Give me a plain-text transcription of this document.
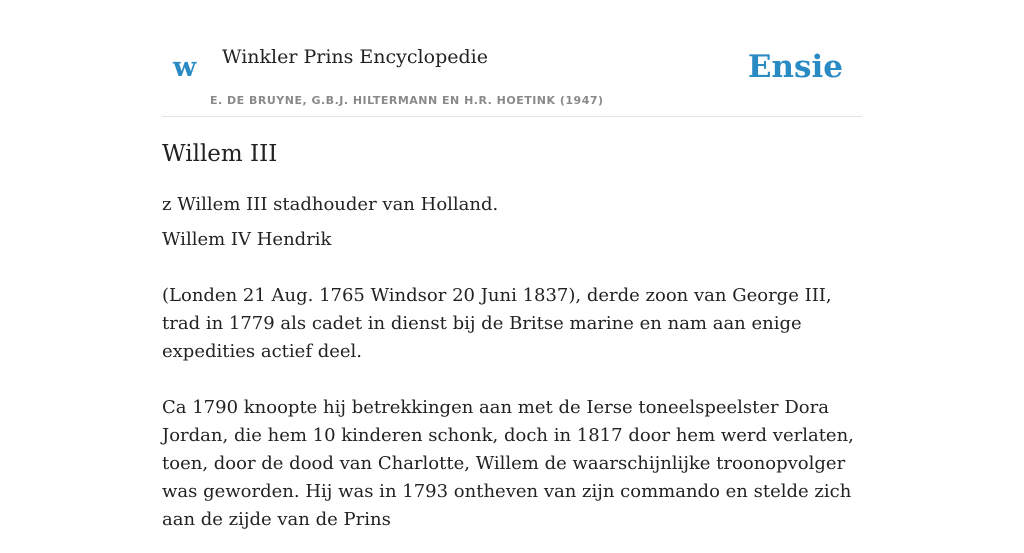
w Winkler Prins Encyclopedie
E. DE BRUYNE, G.B.J. HILTERMANN EN H.R. HOETINK (1947)
Ensie
Willem III

z Willem III stadhouder van Holland.

Willem IV Hendrik

(Londen 21 Aug. 1765 Windsor 20 Juni 1837), derde zoon van George III, trad in 1779 als cadet in dienst bij de Britse marine en nam aan enige expedities actief deel.

Ca 1790 knoopte hij betrekkingen aan met de Ierse toneelspeelster Dora Jordan, die hem 10 kinderen schonk, doch in 1817 door hem werd verlaten, toen, door de dood van Charlotte, Willem de waarschijnlijke troonopvolger was geworden. Hij was in 1793 ontheven van zijn commando en stelde zich aan de zijde van de Prins
